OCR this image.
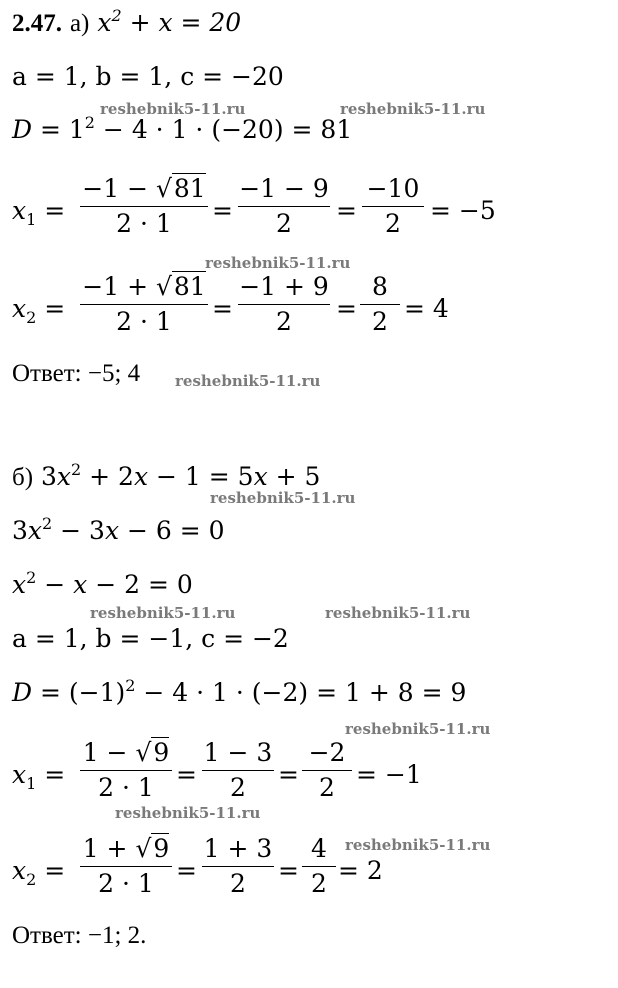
2.47. а) $x^2 + x = 20$
a = 1, b = 1, c = −20
$D = 1^2 - 4 \cdot 1 \cdot (-20) = 81$
$x_1$ =
−1 − √81
2 · 1	=
−1 − 9
2	=
−10
2	= −5
$x_2$ =
−1 + √81
2 · 1	=
−1 + 9
2	=
8
2 = 4
Ответ: −5; 4
б) $3x^2 + 2x - 1 = 5x + 5$
$3x^2 - 3x - 6 = 0$
$x^2 - x - 2 = 0$
a = 1, b = −1, c = −2
$D = (-1)^2 - 4 \cdot 1 \cdot (-2) = 1 + 8 = 9$
$x_1$ =
1 − √9
2 · 1 =
1 − 3
2	=
−2
2 = −1
$x_2$ =
1 + √9
2 · 1 =
1 + 3
2	=
4
2 = 2
Ответ: −1; 2.
reshebnik5-11.ru	reshebnik5-11.ru
reshebnik5-11.ru
reshebnik5-11.ru
reshebnik5-11.ru
reshebnik5-11.ru	reshebnik5-11.ru
reshebnik5-11.ru
reshebnik5-11.ru
reshebnik5-11.ru
